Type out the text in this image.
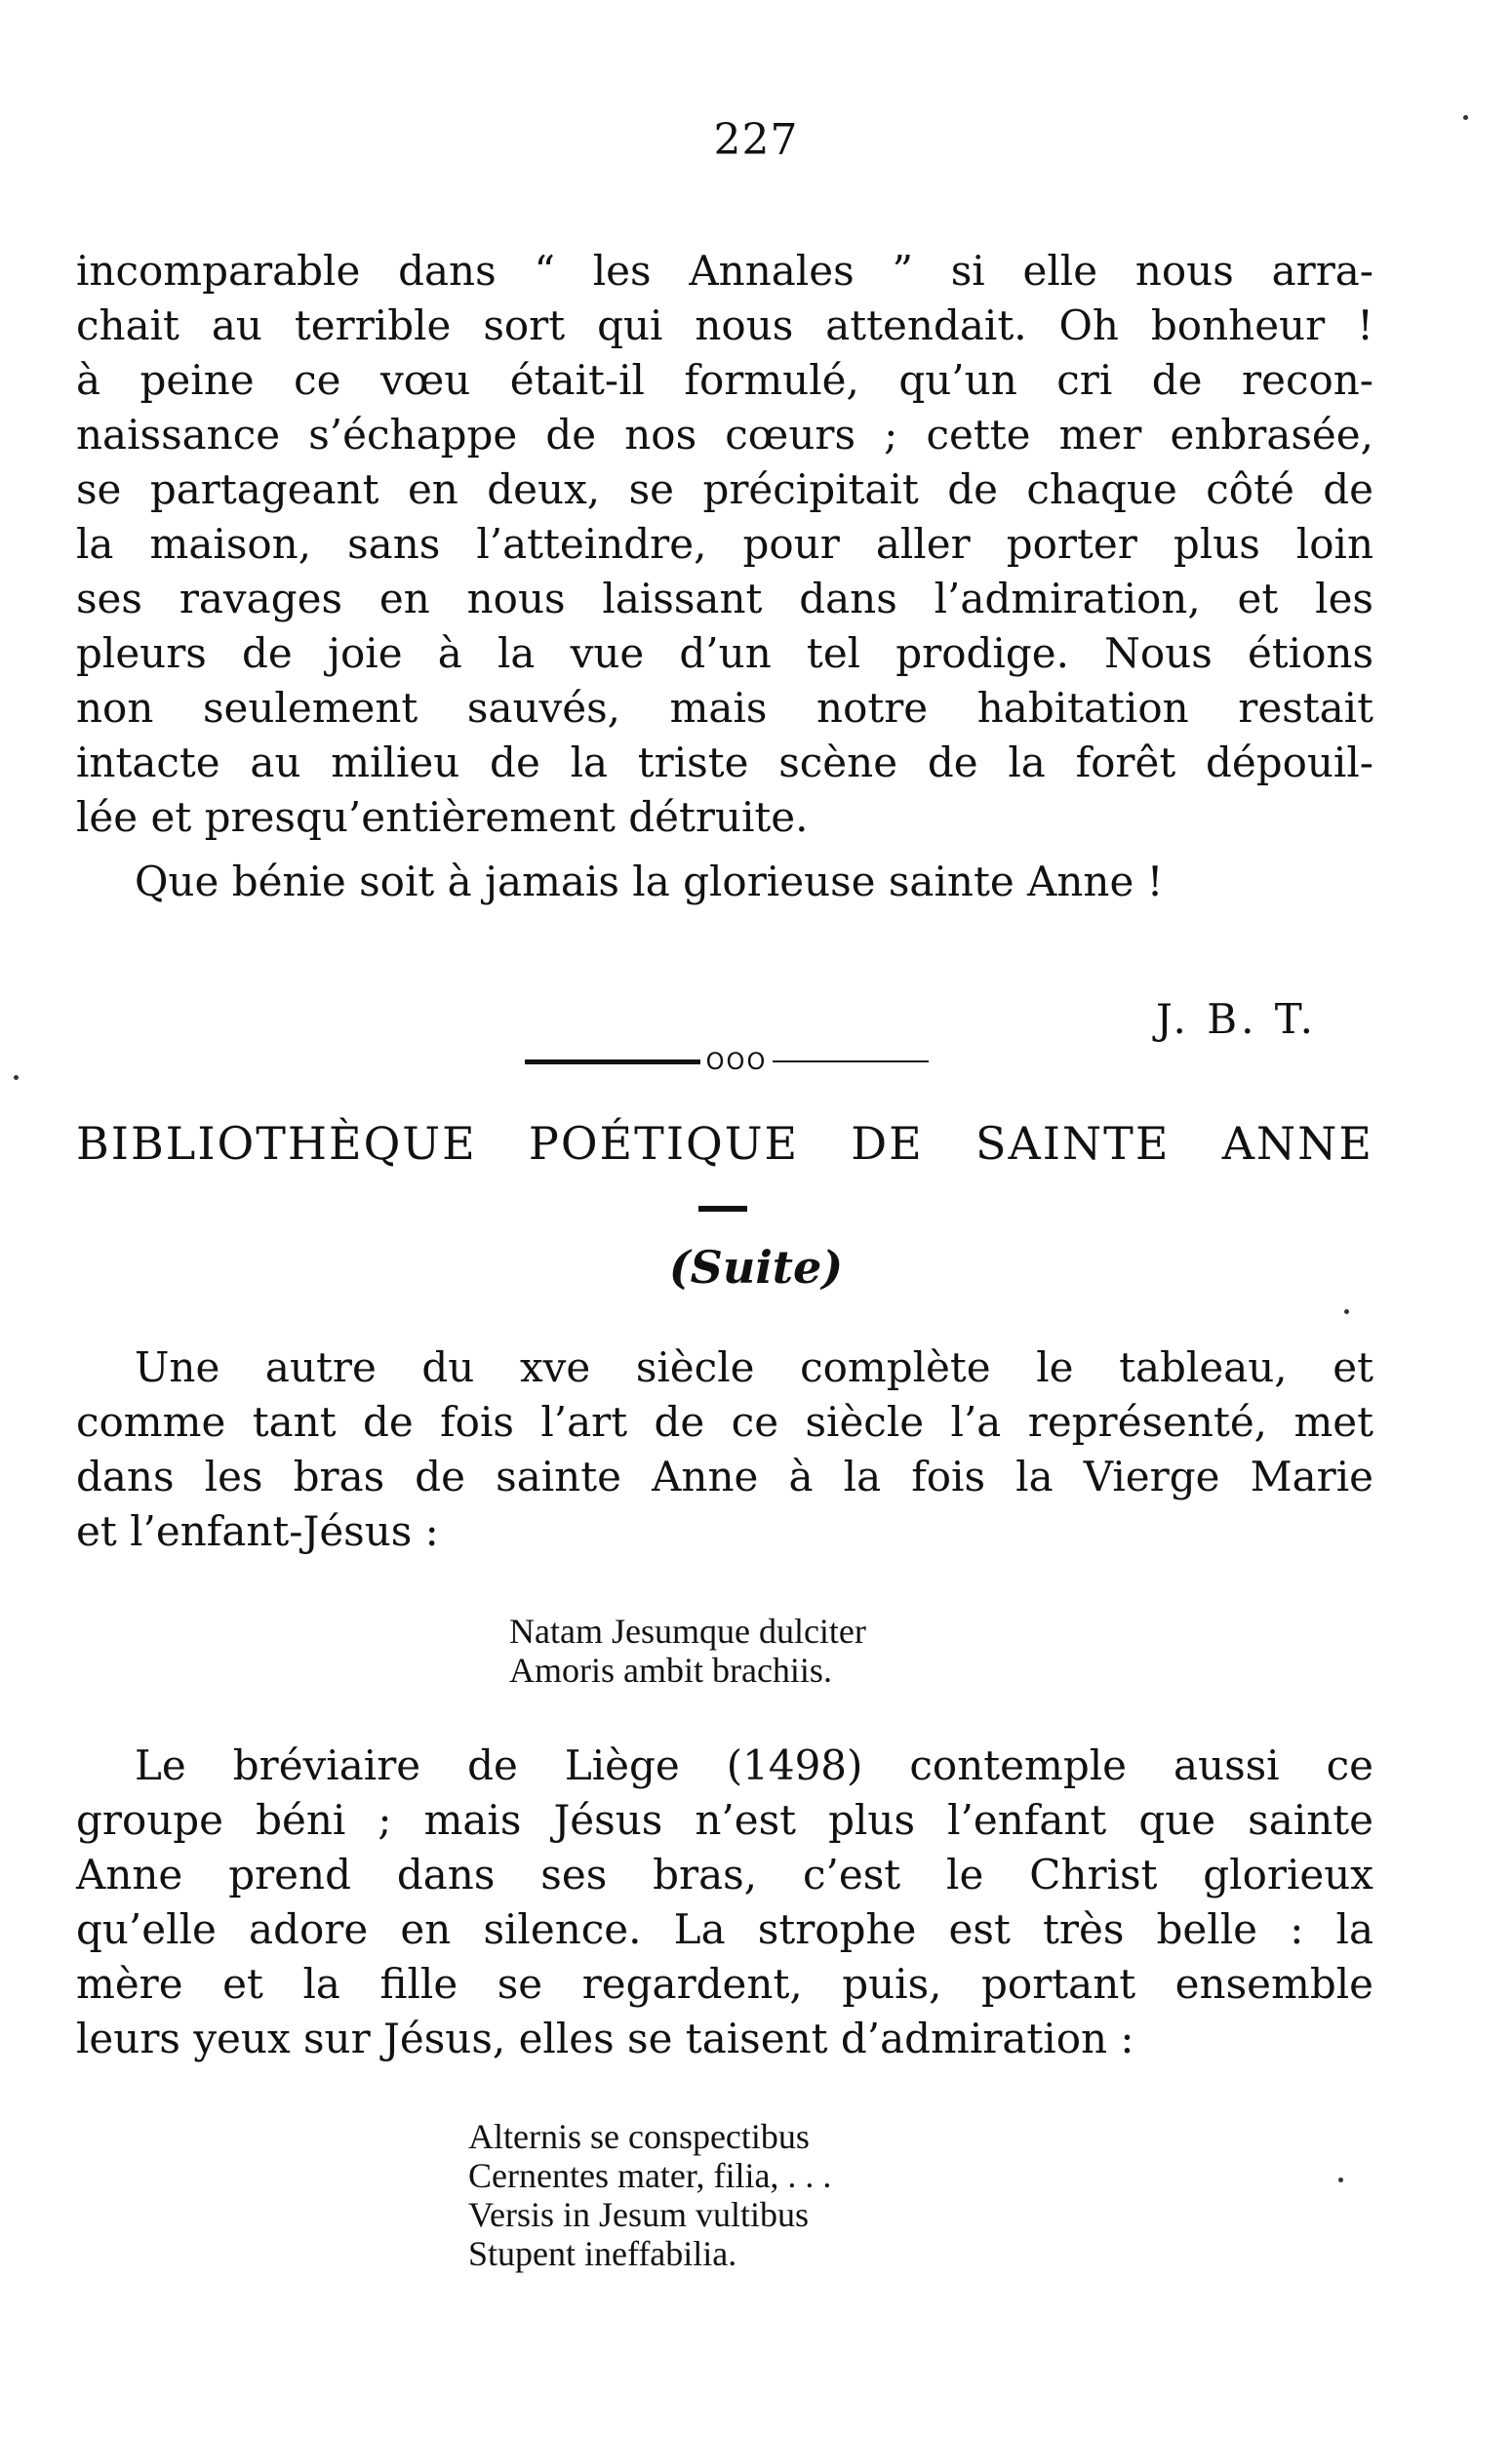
227
incomparable dans “ les Annales ” si elle nous arra-
chait au terrible sort qui nous attendait. Oh bonheur !
à peine ce vœu était-il formulé, qu’un cri de recon-
naissance s’échappe de nos cœurs ; cette mer enbrasée,
se partageant en deux, se précipitait de chaque côté de
la maison, sans l’atteindre, pour aller porter plus loin
ses ravages en nous laissant dans l’admiration, et les
pleurs de joie à la vue d’un tel prodige. Nous étions
non seulement sauvés, mais notre habitation restait
intacte au milieu de la triste scène de la forêt dépouil-
lée et presqu’entièrement détruite.
Que bénie soit à jamais la glorieuse sainte Anne !
J. B. T.
OOO
BIBLIOTHÈQUE POÉTIQUE DE SAINTE ANNE
(Suite)
Une autre du xve siècle complète le tableau, et
comme tant de fois l’art de ce siècle l’a représenté, met
dans les bras de sainte Anne à la fois la Vierge Marie
et l’enfant-Jésus :
Natam Jesumque dulciter
Amoris ambit brachiis.
Le bréviaire de Liège (1498) contemple aussi ce
groupe béni ; mais Jésus n’est plus l’enfant que sainte
Anne prend dans ses bras, c’est le Christ glorieux
qu’elle adore en silence. La strophe est très belle : la
mère et la fille se regardent, puis, portant ensemble
leurs yeux sur Jésus, elles se taisent d’admiration :
Alternis se conspectibus
Cernentes mater, filia, . . .
Versis in Jesum vultibus
Stupent ineffabilia.
